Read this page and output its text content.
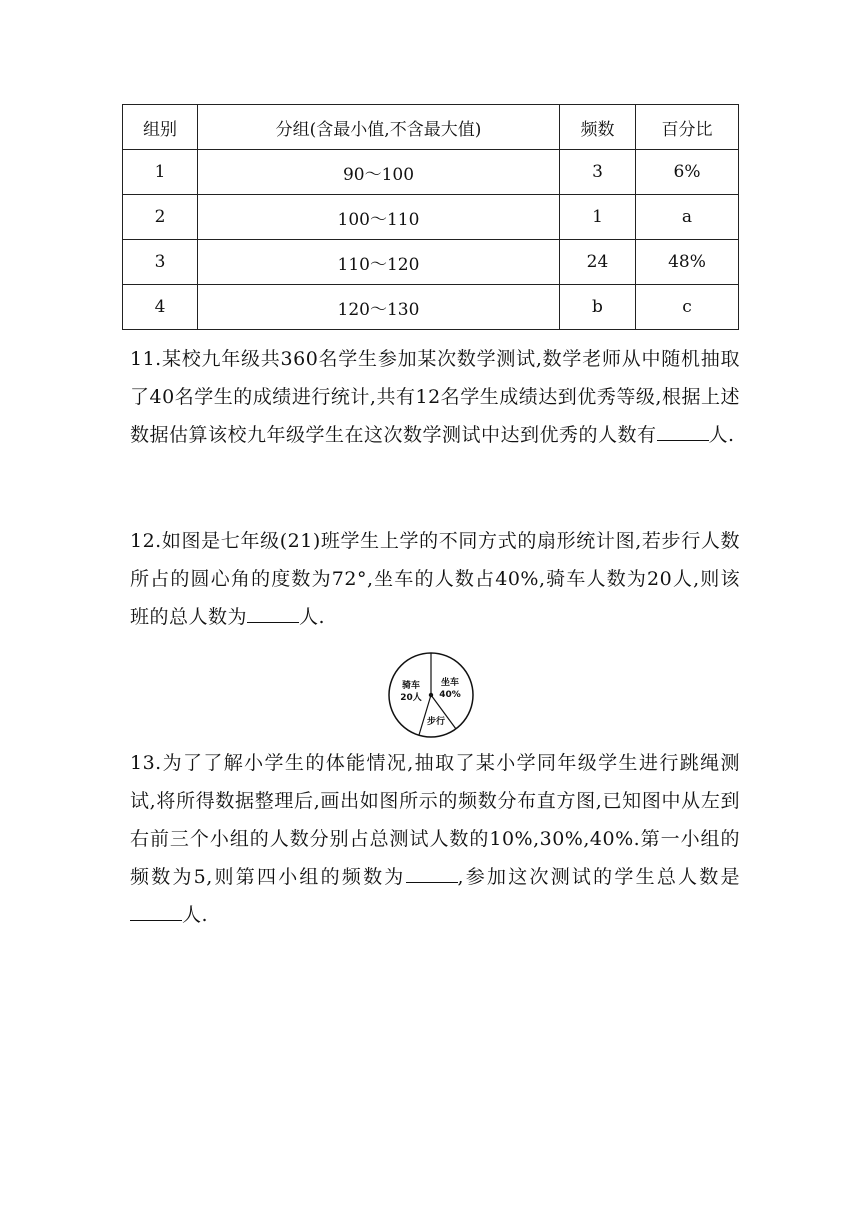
组别	分组(含最小值,不含最大值)	频数	百分比
1	90～100	3	6%
2	100～110	1	a
3	110～120	24	48%
4	120～130	b	c

11.某校九年级共360名学生参加某次数学测试,数学老师从中随机抽取了40名学生的成绩进行统计,共有12名学生成绩达到优秀等级,根据上述数据估算该校九年级学生在这次数学测试中达到优秀的人数有	人.

12.如图是七年级(21)班学生上学的不同方式的扇形统计图,若步行人数所占的圆心角的度数为72°,坐车的人数占40%,骑车人数为20人,则该班的总人数为	人.

骑车
20人
坐车
40%
步行

13.为了了解小学生的体能情况,抽取了某小学同年级学生进行跳绳测试,将所得数据整理后,画出如图所示的频数分布直方图,已知图中从左到右前三个小组的人数分别占总测试人数的10%,30%,40%.第一小组的频数为5,则第四小组的频数为	,参加这次测试的学生总人数是人.
